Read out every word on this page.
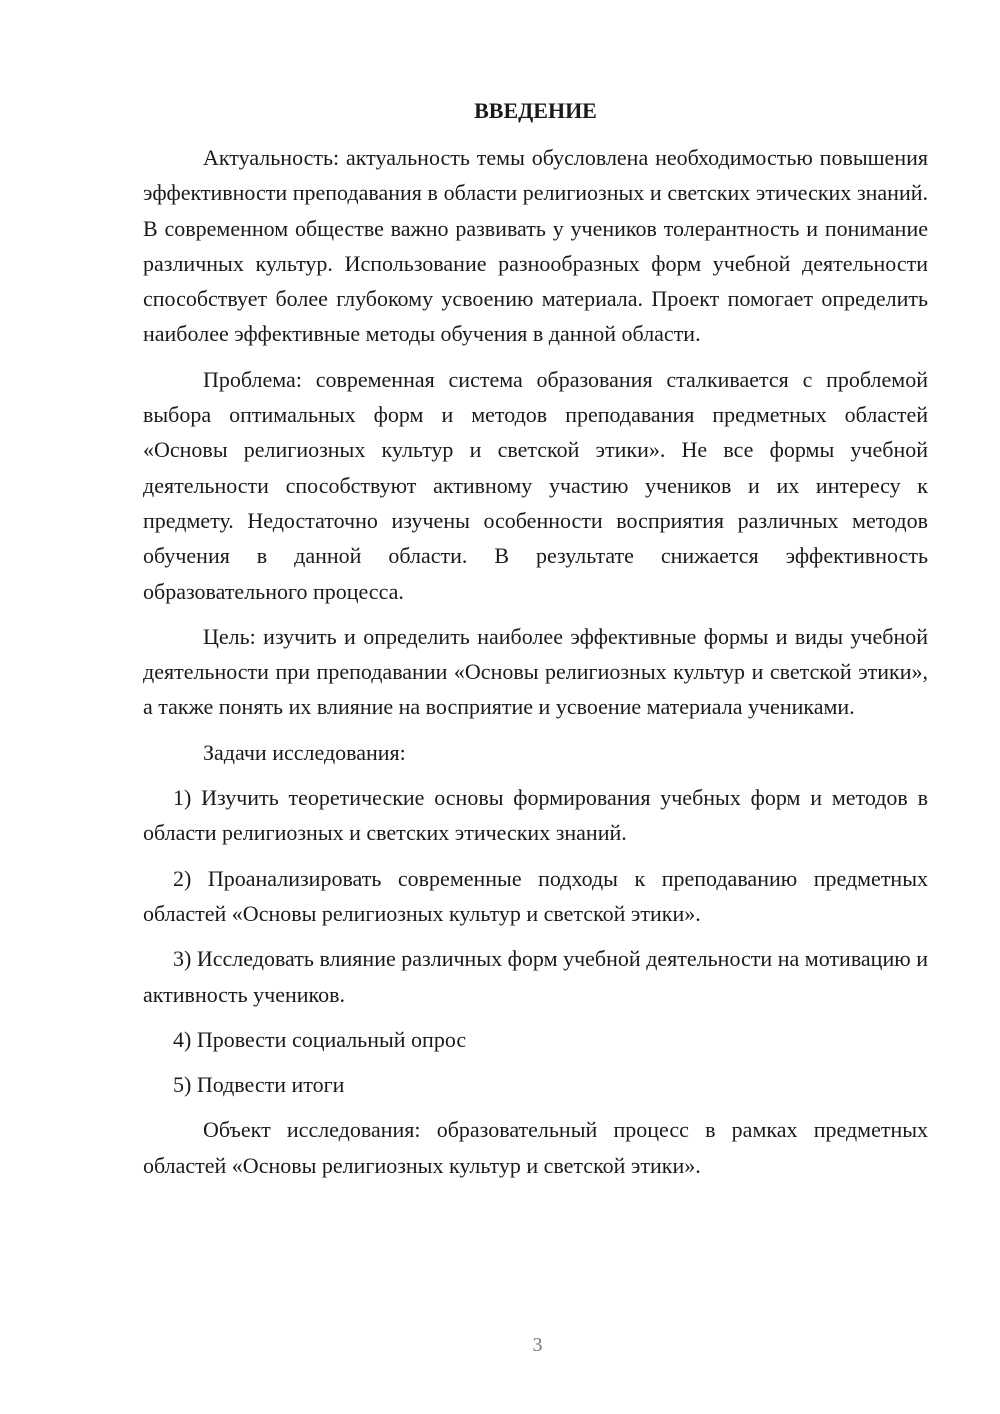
ВВЕДЕНИЕ

Актуальность: актуальность темы обусловлена необходимостью повышения эффективности преподавания в области религиозных и светских этических знаний. В современном обществе важно развивать у учеников толерантность и понимание различных культур. Использование разнообразных форм учебной деятельности способствует более глубокому усвоению материала. Проект помогает определить наиболее эффективные методы обучения в данной области.

Проблема: современная система образования сталкивается с проблемой выбора оптимальных форм и методов преподавания предметных областей «Основы религиозных культур и светской этики». Не все формы учебной деятельности способствуют активному участию учеников и их интересу к предмету. Недостаточно изучены особенности восприятия различных методов обучения в данной области. В результате снижается эффективность образовательного процесса.

Цель: изучить и определить наиболее эффективные формы и виды учебной деятельности при преподавании «Основы религиозных культур и светской этики», а также понять их влияние на восприятие и усвоение материала учениками.

Задачи исследования:

1) Изучить теоретические основы формирования учебных форм и методов в области религиозных и светских этических знаний.

2) Проанализировать современные подходы к преподаванию предметных областей «Основы религиозных культур и светской этики».

3) Исследовать влияние различных форм учебной деятельности на мотивацию и активность учеников.

4) Провести социальный опрос

5) Подвести итоги

Объект исследования: образовательный процесс в рамках предметных областей «Основы религиозных культур и светской этики».

3
